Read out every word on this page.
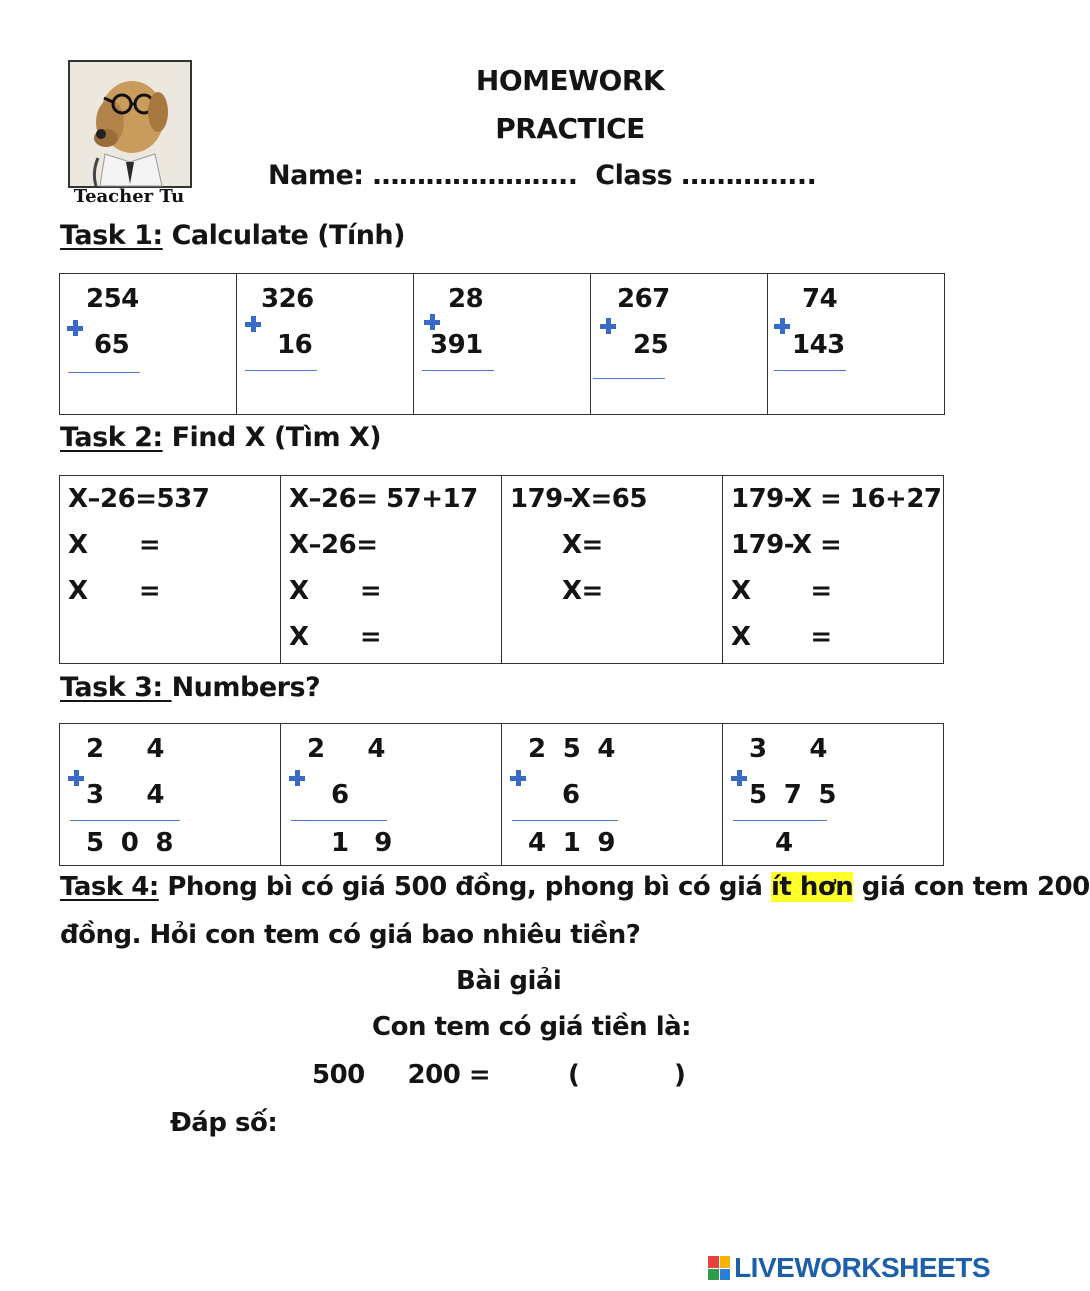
Teacher Tu
HOMEWORK
PRACTICE
Name: ………………….. Class …………...
Task 1: Calculate (Tính)
254
65

326
16

28
391

267
25

74
143
Task 2: Find X (Tìm X)
X–26=537
X      =
X      =

X–26= 57+17
X–26=
X      =
X      =

179-X=65
X=
X=

179-X = 16+27
179-X =
X       =
X       =
Task 3: Numbers?
2     4
3     4
5  0  8

2     4
6
1   9

2  5  4
6
4  1  9

3     4
5  7  5
4
Task 4: Phong bì có giá 500 đồng, phong bì có giá ít hơn giá con tem 200
đồng. Hỏi con tem có giá bao nhiêu tiền?
Bài giải
Con tem có giá tiền là:
500     200 =	(	)
Đáp số:
LIVEWORKSHEETS
